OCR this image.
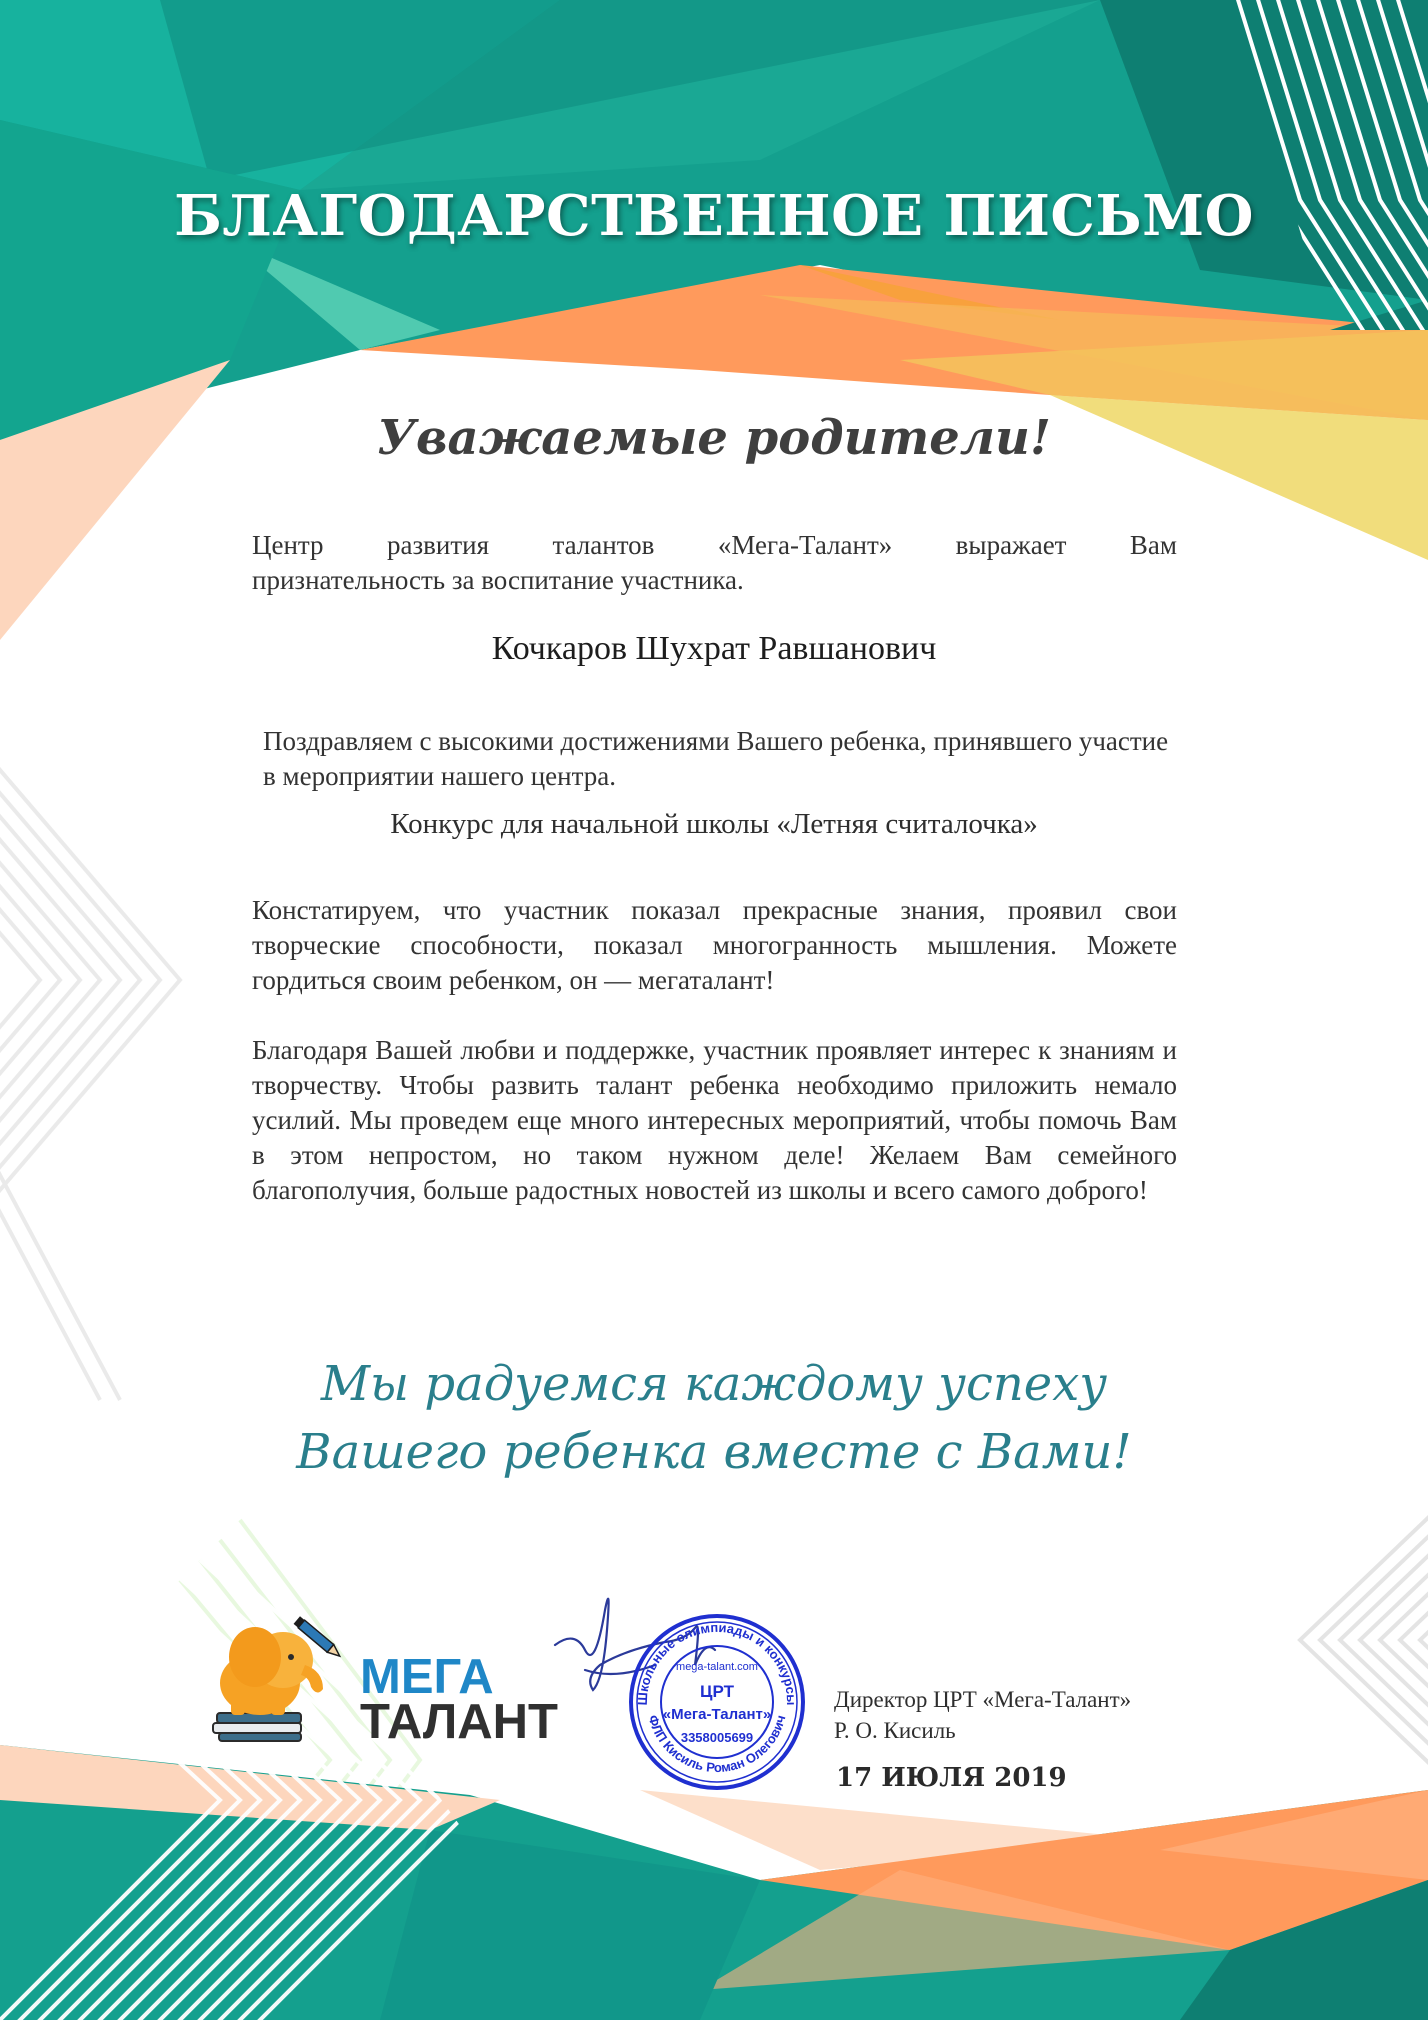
БЛАГОДАРСТВЕННОЕ ПИСЬМО
Уважаемые родители!
Центр развития талантов «Мега-Талант» выражает Вам
признательность за воспитание участника.
Кочкаров Шухрат Равшанович
Поздравляем с высокими достижениями Вашего ребенка, принявшего участие в мероприятии нашего центра.
Конкурс для начальной школы «Летняя считалочка»
Констатируем, что участник показал прекрасные знания, проявил свои творческие способности, показал многогранность мышления. Можете гордиться своим ребенком, он — мегаталант!
Благодаря Вашей любви и поддержке, участник проявляет интерес к знаниям и творчеству. Чтобы развить талант ребенка необходимо приложить немало усилий. Мы проведем еще много интересных мероприятий, чтобы помочь Вам в этом непростом, но таком нужном деле! Желаем Вам семейного благополучия, больше радостных новостей из школы и всего самого доброго!
Мы радуемся каждому успеху
Вашего ребенка вместе с Вами!
МЕГА
ТАЛАНТ	Школьные олимпиады и конкурсы
ФЛП Кисиль Роман Олегович
mega-talant.com
ЦРТ
«Мега-Талант»
3358005699
Директор ЦРТ «Мега-Талант»
Р. О. Кисиль
17 ИЮЛЯ 2019
